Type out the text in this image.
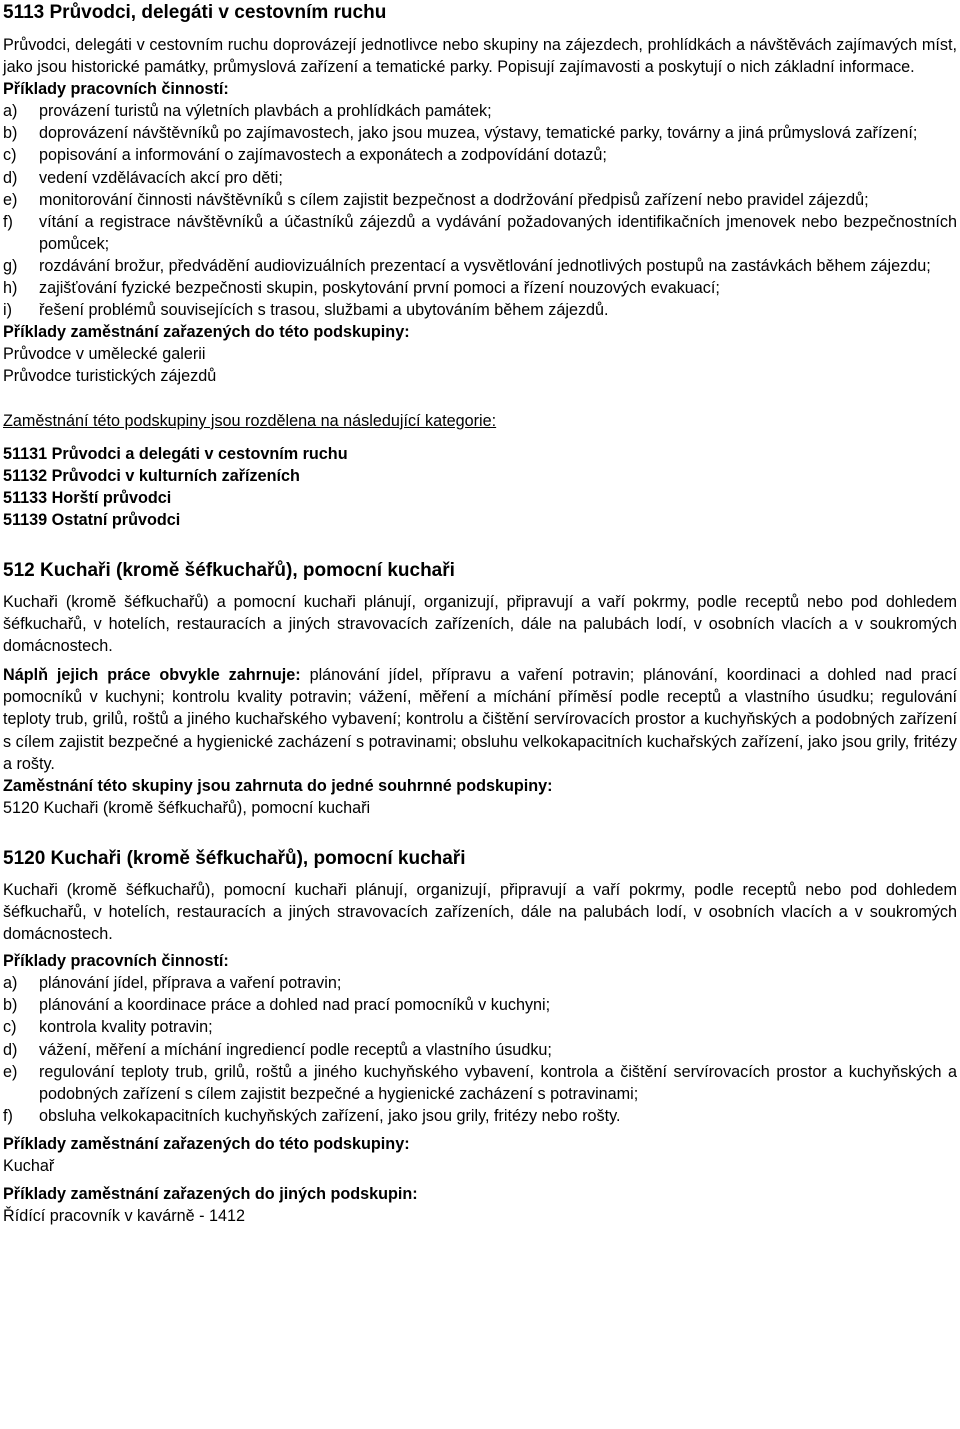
5113 Průvodci, delegáti v cestovním ruchu

Průvodci, delegáti v cestovním ruchu doprovázejí jednotlivce nebo skupiny na zájezdech, prohlídkách a návštěvách zajímavých míst, jako jsou historické památky, průmyslová zařízení a tematické parky. Popisují zajímavosti a poskytují o nich základní informace.

Příklady pracovních činností:
a)	provázení turistů na výletních plavbách a prohlídkách památek;
b)	doprovázení návštěvníků po zajímavostech, jako jsou muzea, výstavy, tematické parky, továrny a jiná průmyslová zařízení;
c)	popisování a informování o zajímavostech a exponátech a zodpovídání dotazů;
d)	vedení vzdělávacích akcí pro děti;
e)	monitorování činnosti návštěvníků s cílem zajistit bezpečnost a dodržování předpisů zařízení nebo pravidel zájezdů;
f)	vítání a registrace návštěvníků a účastníků zájezdů a vydávání požadovaných identifikačních jmenovek nebo bezpečnostních pomůcek;
g)	rozdávání brožur, předvádění audiovizuálních prezentací a vysvětlování jednotlivých postupů na zastávkách během zájezdu;
h)	zajišťování fyzické bezpečnosti skupin, poskytování první pomoci a řízení nouzových evakuací;
i)	řešení problémů souvisejících s trasou, službami a ubytováním během zájezdů.
Příklady zaměstnání zařazených do této podskupiny:
Průvodce v umělecké galerii
Průvodce turistických zájezdů
Zaměstnání této podskupiny jsou rozdělena na následující kategorie:
51131 Průvodci a delegáti v cestovním ruchu
51132 Průvodci v kulturních zařízeních
51133 Horští průvodci
51139 Ostatní průvodci
512 Kuchaři (kromě šéfkuchařů), pomocní kuchaři

Kuchaři (kromě šéfkuchařů) a pomocní kuchaři plánují, organizují, připravují a vaří pokrmy, podle receptů nebo pod dohledem šéfkuchařů, v hotelích, restauracích a jiných stravovacích zařízeních, dále na palubách lodí, v osobních vlacích a v soukromých domácnostech.

Náplň jejich práce obvykle zahrnuje: plánování jídel, přípravu a vaření potravin; plánování, koordinaci a dohled nad prací pomocníků v kuchyni; kontrolu kvality potravin; vážení, měření a míchání příměsí podle receptů a vlastního úsudku; regulování teploty trub, grilů, roštů a jiného kuchařského vybavení; kontrolu a čištění servírovacích prostor a kuchyňských a podobných zařízení s cílem zajistit bezpečné a hygienické zacházení s potravinami; obsluhu velkokapacitních kuchařských zařízení, jako jsou grily, fritézy a rošty.

Zaměstnání této skupiny jsou zahrnuta do jedné souhrnné podskupiny:
5120 Kuchaři (kromě šéfkuchařů), pomocní kuchaři
5120 Kuchaři (kromě šéfkuchařů), pomocní kuchaři

Kuchaři (kromě šéfkuchařů), pomocní kuchaři plánují, organizují, připravují a vaří pokrmy, podle receptů nebo pod dohledem šéfkuchařů, v hotelích, restauracích a jiných stravovacích zařízeních, dále na palubách lodí, v osobních vlacích a v soukromých domácnostech.

Příklady pracovních činností:
a)	plánování jídel, příprava a vaření potravin;
b)	plánování a koordinace práce a dohled nad prací pomocníků v kuchyni;
c)	kontrola kvality potravin;
d)	vážení, měření a míchání ingrediencí podle receptů a vlastního úsudku;
e)	regulování teploty trub, grilů, roštů a jiného kuchyňského vybavení, kontrola a čištění servírovacích prostor a kuchyňských a podobných zařízení s cílem zajistit bezpečné a hygienické zacházení s potravinami;
f)	obsluha velkokapacitních kuchyňských zařízení, jako jsou grily, fritézy nebo rošty.
Příklady zaměstnání zařazených do této podskupiny:
Kuchař
Příklady zaměstnání zařazených do jiných podskupin:
Řídící pracovník v kavárně - 1412
